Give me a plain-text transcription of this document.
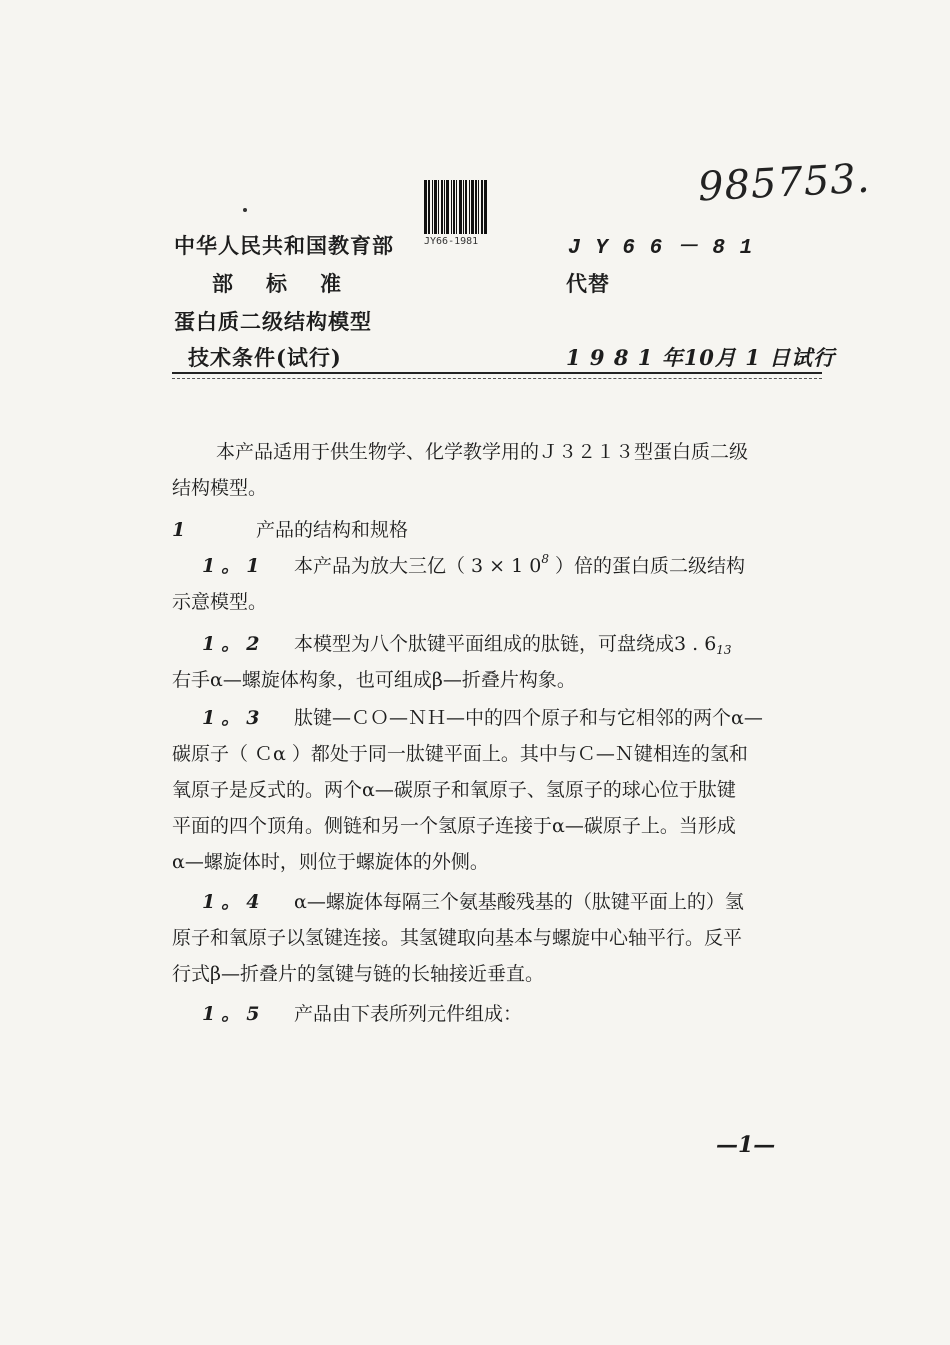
985753.
JY66-1981
中华人民共和国教育部
部　标　准
蛋白质二级结构模型
技术条件(试行)
J Y 6 6 － 8 1
代替
1 9 8 1 年10月 1 日试行
本产品适用于供生物学、化学教学用的Ｊ３２１３型蛋白质二级
结构模型。
1	产品的结构和规格
1。1 本产品为放大三亿（ 3 × 1 $0^8$ ）倍的蛋白质二级结构
示意模型。
1。2 本模型为八个肽键平面组成的肽链，可盘绕成3 . $6_{13}$
右手α—螺旋体构象，也可组成β—折叠片构象。
1。3 肽键—ＣＯ—ＮＨ—中的四个原子和与它相邻的两个α—
碳原子（ Ｃα ）都处于同一肽键平面上。其中与Ｃ—Ｎ键相连的氢和
氧原子是反式的。两个α—碳原子和氧原子、氢原子的球心位于肽键
平面的四个顶角。侧链和另一个氢原子连接于α—碳原子上。当形成
α—螺旋体时，则位于螺旋体的外侧。
1。4 α—螺旋体每隔三个氨基酸残基的（肽键平面上的）氢
原子和氧原子以氢键连接。其氢键取向基本与螺旋中心轴平行。反平
行式β—折叠片的氢键与链的长轴接近垂直。
1。5 产品由下表所列元件组成：
—1—
